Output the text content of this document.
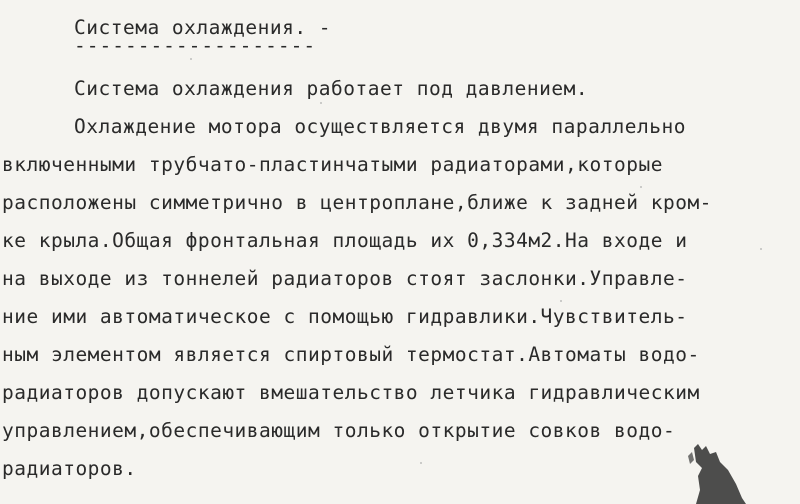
Система охлаждения. -
-------------------
Система охлаждения работает под давлением.
Охлаждение мотора осуществляется двумя параллельно
включенными трубчато-пластинчатыми радиаторами,которые
расположены симметрично в центроплане,ближе к задней кром-
ке крыла.Общая фронтальная площадь их 0,334м2.На входе и
на выходе из тоннелей радиаторов стоят заслонки.Управле-
ние ими автоматическое с помощью гидравлики.Чувствитель-
ным элементом является спиртовый термостат.Автоматы водо-
радиаторов допускают вмешательство летчика гидравлическим
управлением,обеспечивающим только открытие совков водо-
радиаторов.
